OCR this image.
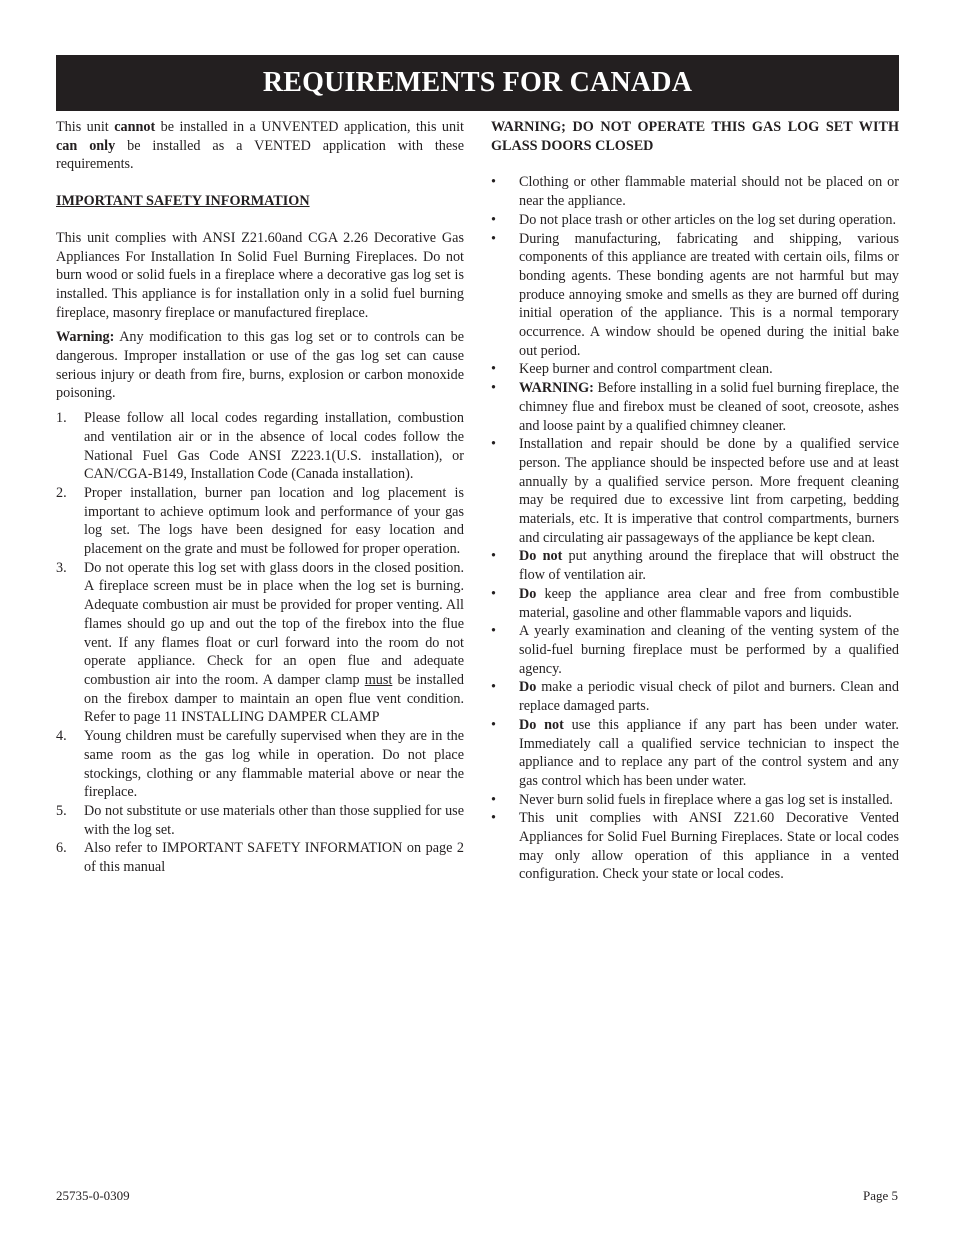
REQUIREMENTS FOR CANADA

This unit cannot be installed in a UNVENTED application, this unit can only be installed as a VENTED application with these requirements.

IMPORTANT SAFETY INFORMATION

This unit complies with ANSI Z21.60and CGA 2.26 Decorative Gas Appliances For Installation In Solid Fuel Burning Fireplaces. Do not burn wood or solid fuels in a fireplace where a decorative gas log set is installed. This appliance is for installation only in a solid fuel burning fireplace, masonry fireplace or manufactured fireplace.

Warning: Any modification to this gas log set or to controls can be dangerous. Improper installation or use of the gas log set can cause serious injury or death from fire, burns, explosion or carbon monoxide poisoning.

1. Please follow all local codes regarding installation, combustion and ventilation air or in the absence of local codes follow the National Fuel Gas Code ANSI Z223.1(U.S. installation), or CAN/CGA-B149, Installation Code (Canada installation).
2. Proper installation, burner pan location and log placement is important to achieve optimum look and performance of your gas log set. The logs have been designed for easy location and placement on the grate and must be followed for proper operation.
3. Do not operate this log set with glass doors in the closed position. A fireplace screen must be in place when the log set is burning. Adequate combustion air must be provided for proper venting. All flames should go up and out the top of the firebox into the flue vent. If any flames float or curl forward into the room do not operate appliance. Check for an open flue and adequate combustion air into the room. A damper clamp must be installed on the firebox damper to maintain an open flue vent condition. Refer to page 11 INSTALLING DAMPER CLAMP
4. Young children must be carefully supervised when they are in the same room as the gas log while in operation. Do not place stockings, clothing or any flammable material above or near the fireplace.
5. Do not substitute or use materials other than those supplied for use with the log set.
6. Also refer to IMPORTANT SAFETY INFORMATION on page 2 of this manual

WARNING; DO NOT OPERATE THIS GAS LOG SET WITH GLASS DOORS CLOSED

• Clothing or other flammable material should not be placed on or near the appliance.
• Do not place trash or other articles on the log set during operation.
• During manufacturing, fabricating and shipping, various components of this appliance are treated with certain oils, films or bonding agents. These bonding agents are not harmful but may produce annoying smoke and smells as they are burned off during initial operation of the appliance. This is a normal temporary occurrence. A window should be opened during the initial bake out period.
• Keep burner and control compartment clean.
• WARNING: Before installing in a solid fuel burning fireplace, the chimney flue and firebox must be cleaned of soot, creosote, ashes and loose paint by a qualified chimney cleaner.
• Installation and repair should be done by a qualified service person. The appliance should be inspected before use and at least annually by a qualified service person. More frequent cleaning may be required due to excessive lint from carpeting, bedding materials, etc. It is imperative that control compartments, burners and circulating air passageways of the appliance be kept clean.
• Do not put anything around the fireplace that will obstruct the flow of ventilation air.
• Do keep the appliance area clear and free from combustible material, gasoline and other flammable vapors and liquids.
• A yearly examination and cleaning of the venting system of the solid-fuel burning fireplace must be performed by a qualified agency.
• Do make a periodic visual check of pilot and burners. Clean and replace damaged parts.
• Do not use this appliance if any part has been under water. Immediately call a qualified service technician to inspect the appliance and to replace any part of the control system and any gas control which has been under water.
• Never burn solid fuels in fireplace where a gas log set is installed.
• This unit complies with ANSI Z21.60 Decorative Vented Appliances for Solid Fuel Burning Fireplaces. State or local codes may only allow operation of this appliance in a vented configuration. Check your state or local codes.
25735-0-0309	Page 5
